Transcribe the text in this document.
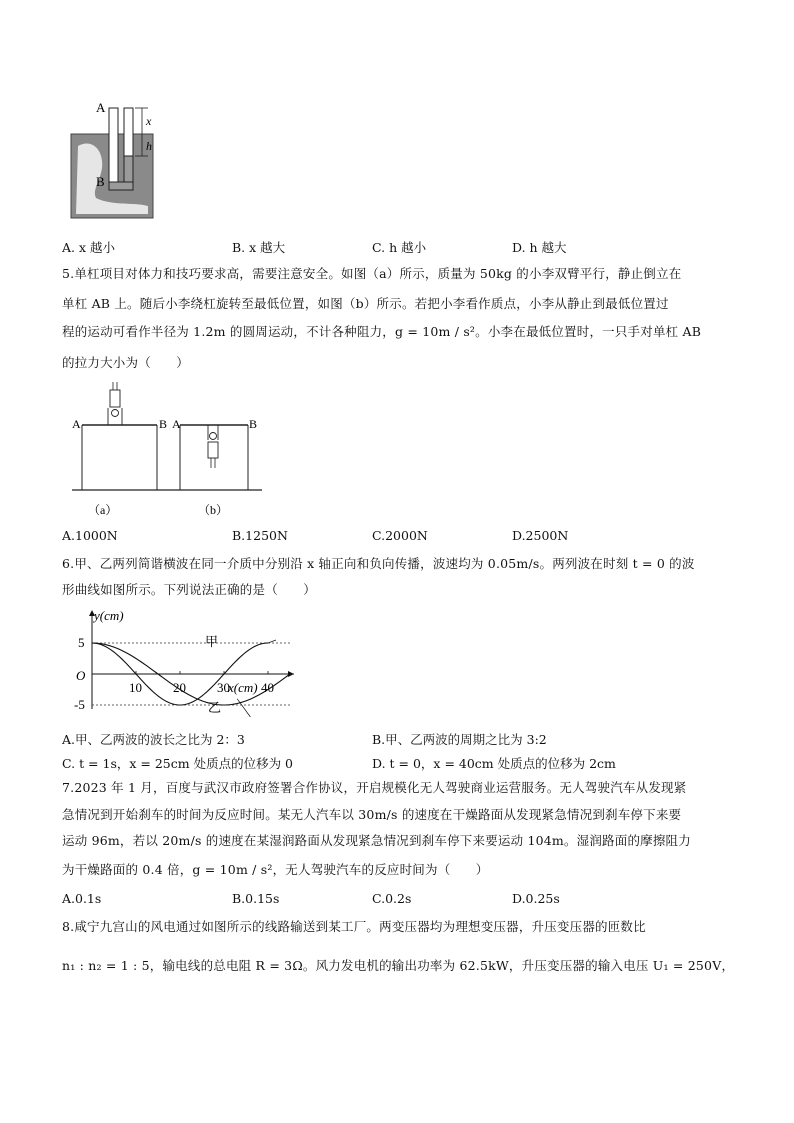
A
x
h
B
A. x 越小	B. x 越大	C. h 越小	D. h 越大
5.单杠项目对体力和技巧要求高，需要注意安全。如图（a）所示，质量为 50kg 的小李双臂平行，静止倒立在
单杠 AB 上。随后小李绕杠旋转至最低位置，如图（b）所示。若把小李看作质点，小李从静止到最低位置过
程的运动可看作半径为 1.2m 的圆周运动，不计各种阻力，g = 10m / s²。小李在最低位置时，一只手对单杠 AB
的拉力大小为（　　）
A	B
（a）
A	B
（b）
A.1000N	B.1250N	C.2000N	D.2500N
6.甲、乙两列简谐横波在同一介质中分别沿 x 轴正向和负向传播，波速均为 0.05m/s。两列波在时刻 t = 0 的波
形曲线如图所示。下列说法正确的是（　　）
5
-5
10 20 30 40
y(cm)
x(cm)
O
甲
乙
A.甲、乙两波的波长之比为 2：3	B.甲、乙两波的周期之比为 3:2
C. t = 1s，x = 25cm 处质点的位移为 0	D. t = 0，x = 40cm 处质点的位移为 2cm
7.2023 年 1 月，百度与武汉市政府签署合作协议，开启规模化无人驾驶商业运营服务。无人驾驶汽车从发现紧
急情况到开始刹车的时间为反应时间。某无人汽车以 30m/s 的速度在干燥路面从发现紧急情况到刹车停下来要
运动 96m，若以 20m/s 的速度在某湿润路面从发现紧急情况到刹车停下来要运动 104m。湿润路面的摩擦阻力
为干燥路面的 0.4 倍，g = 10m / s²，无人驾驶汽车的反应时间为（　　）
A.0.1s	B.0.15s	C.0.2s	D.0.25s
8.咸宁九宫山的风电通过如图所示的线路输送到某工厂。两变压器均为理想变压器，升压变压器的匝数比
n₁ : n₂ = 1 : 5，输电线的总电阻 R = 3Ω。风力发电机的输出功率为 62.5kW，升压变压器的输入电压 U₁ = 250V，
